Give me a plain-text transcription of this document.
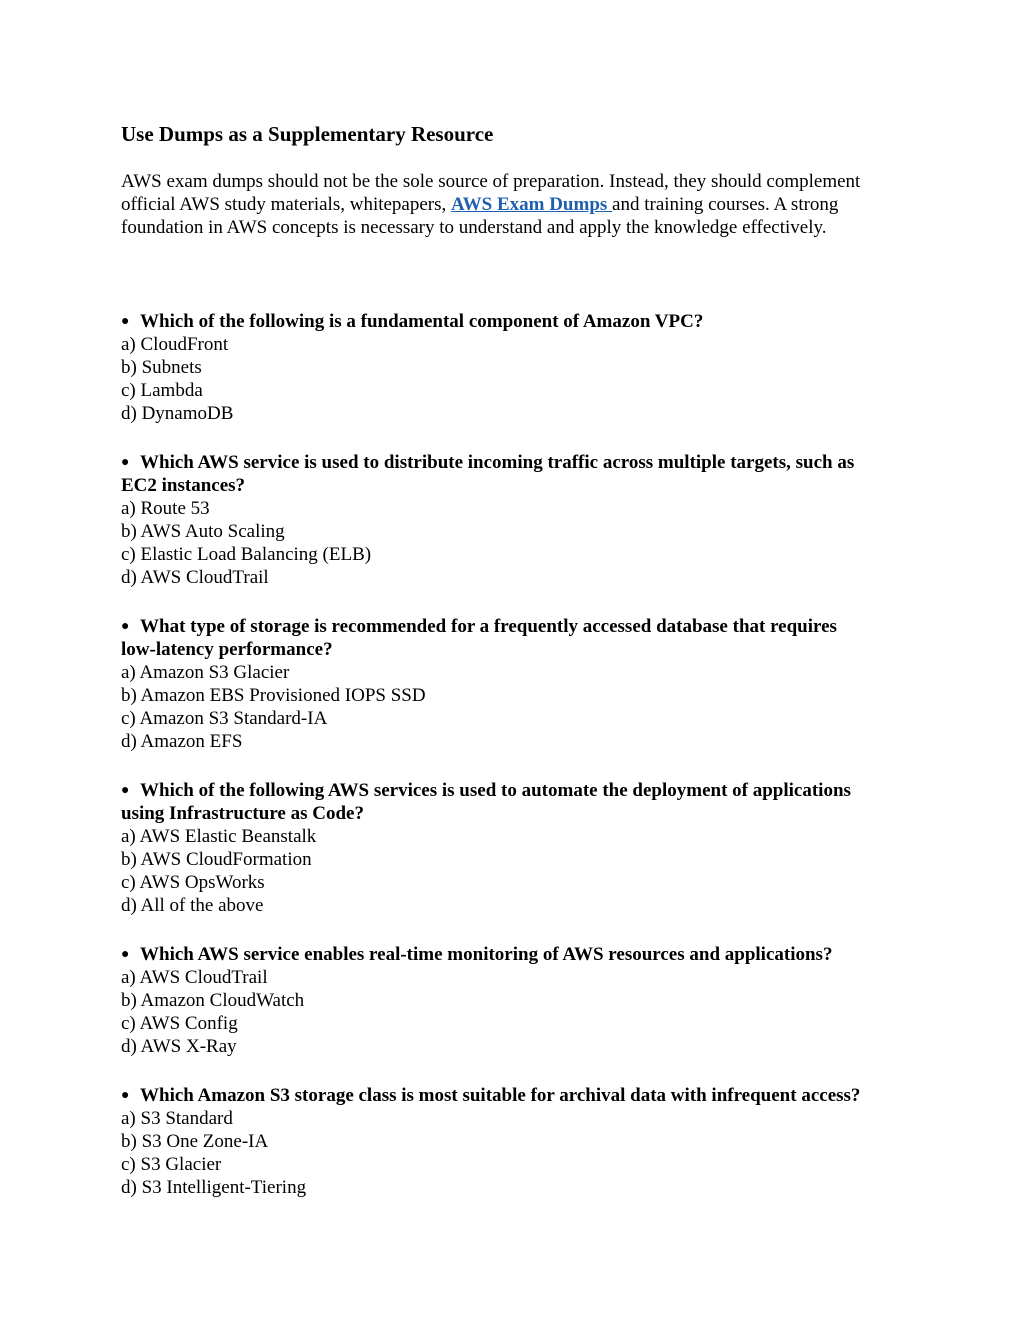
Use Dumps as a Supplementary Resource
AWS exam dumps should not be the sole source of preparation. Instead, they should complement
official AWS study materials, whitepapers, AWS Exam Dumps and training courses. A strong
foundation in AWS concepts is necessary to understand and apply the knowledge effectively.
● Which of the following is a fundamental component of Amazon VPC?
a) CloudFront
b) Subnets
c) Lambda
d) DynamoDB
● Which AWS service is used to distribute incoming traffic across multiple targets, such as
EC2 instances?
a) Route 53
b) AWS Auto Scaling
c) Elastic Load Balancing (ELB)
d) AWS CloudTrail
● What type of storage is recommended for a frequently accessed database that requires
low-latency performance?
a) Amazon S3 Glacier
b) Amazon EBS Provisioned IOPS SSD
c) Amazon S3 Standard-IA
d) Amazon EFS
● Which of the following AWS services is used to automate the deployment of applications
using Infrastructure as Code?
a) AWS Elastic Beanstalk
b) AWS CloudFormation
c) AWS OpsWorks
d) All of the above
● Which AWS service enables real-time monitoring of AWS resources and applications?
a) AWS CloudTrail
b) Amazon CloudWatch
c) AWS Config
d) AWS X-Ray
● Which Amazon S3 storage class is most suitable for archival data with infrequent access?
a) S3 Standard
b) S3 One Zone-IA
c) S3 Glacier
d) S3 Intelligent-Tiering
